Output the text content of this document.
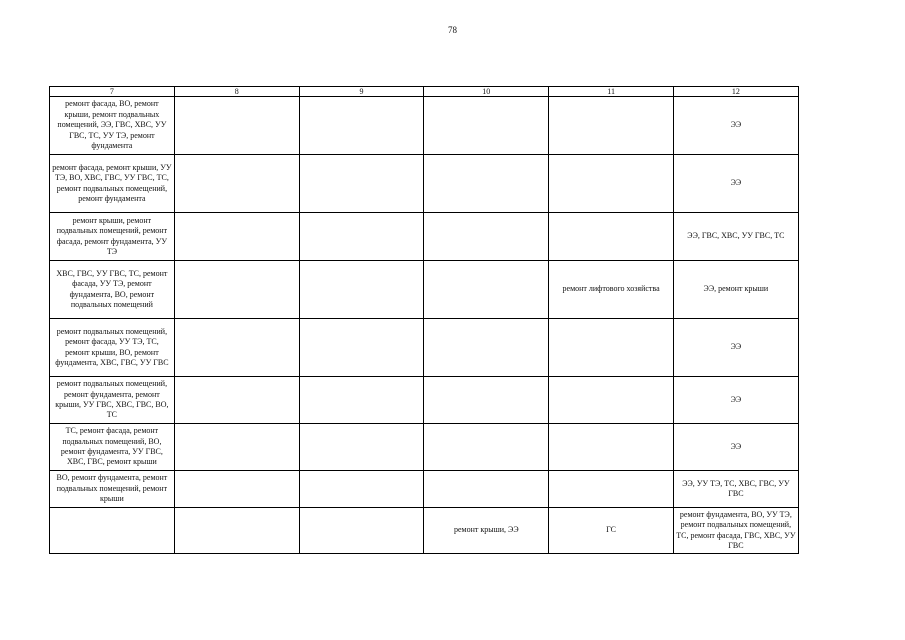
78
7	8	9	10	11	12
ремонт фасада, ВО, ремонт крыши, ремонт подвальных помещений, ЭЭ, ГВС, ХВС, УУ ГВС, ТС, УУ ТЭ, ремонт фундамента					ЭЭ
ремонт фасада, ремонт крыши, УУ ТЭ, ВО, ХВС, ГВС, УУ ГВС, ТС, ремонт подвальных помещений, ремонт фундамента					ЭЭ
ремонт крыши, ремонт подвальных помещений, ремонт фасада, ремонт фундамента, УУ ТЭ					ЭЭ, ГВС, ХВС, УУ ГВС, ТС
ХВС, ГВС, УУ ГВС, ТС, ремонт фасада, УУ ТЭ, ремонт фундамента, ВО, ремонт подвальных помещений				ремонт лифтового хозяйства	ЭЭ, ремонт крыши
ремонт подвальных помещений, ремонт фасада, УУ ТЭ, ТС, ремонт крыши, ВО, ремонт фундамента, ХВС, ГВС, УУ ГВС					ЭЭ
ремонт подвальных помещений, ремонт фундамента, ремонт крыши, УУ ГВС, ХВС, ГВС, ВО, ТС					ЭЭ
ТС, ремонт фасада, ремонт подвальных помещений, ВО, ремонт фундамента, УУ ГВС, ХВС, ГВС, ремонт крыши					ЭЭ
ВО, ремонт фундамента, ремонт подвальных помещений, ремонт крыши					ЭЭ, УУ ТЭ, ТС, ХВС, ГВС, УУ ГВС
			ремонт крыши, ЭЭ	ГС	ремонт фундамента, ВО, УУ ТЭ, ремонт подвальных помещений, ТС, ремонт фасада, ГВС, ХВС, УУ ГВС
